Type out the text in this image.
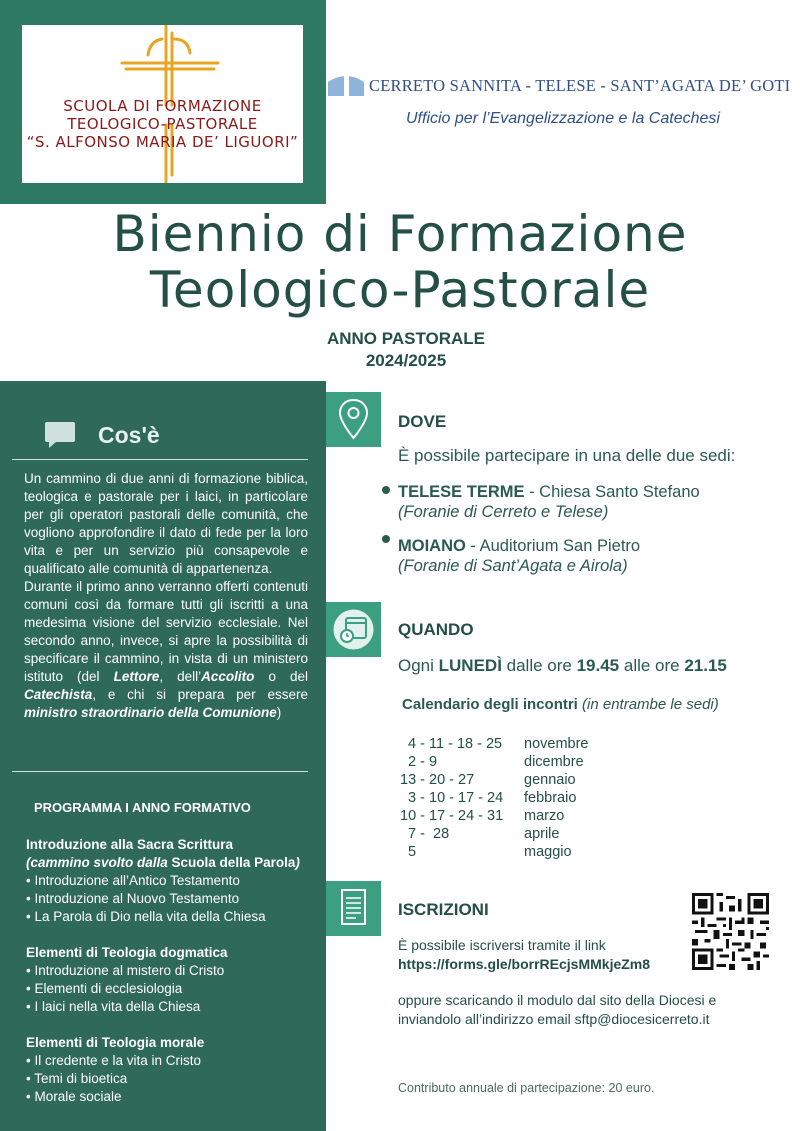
SCUOLA DI FORMAZIONE
TEOLOGICO-PASTORALE
“S. ALFONSO MARIA DE’ LIGUORI”
CERRETO SANNITA - TELESE - SANT’AGATA DE’ GOTI
Ufficio per l’Evangelizzazione e la Catechesi
Biennio di Formazione
Teologico-Pastorale
ANNO PASTORALE
2024/2025
Cos'è

Un cammino di due anni di formazione biblica, teologica e pastorale per i laici, in particolare per gli operatori pastorali delle comunità, che vogliono approfondire il dato di fede per la loro vita e per un servizio più consapevole e qualificato alle comunità di appartenenza.

Durante il primo anno verranno offerti contenuti comuni così da formare tutti gli iscritti a una medesima visione del servizio ecclesiale. Nel secondo anno, invece, si apre la possibilità di specificare il cammino, in vista di un ministero istituto (del Lettore, dell’Accolito o del Catechista, e chi si prepara per essere ministro straordinario della Comunione)

PROGRAMMA I ANNO FORMATIVO
Introduzione alla Sacra Scrittura
(cammino svolto dalla Scuola della Parola)
• Introduzione all’Antico Testamento
• Introduzione al Nuovo Testamento
• La Parola di Dio nella vita della Chiesa
Elementi di Teologia dogmatica
• Introduzione al mistero di Cristo
• Elementi di ecclesiologia
• I laici nella vita della Chiesa
Elementi di Teologia morale
• Il credente e la vita in Cristo
• Temi di bioetica
• Morale sociale
DOVE
È possibile partecipare in una delle due sedi:
TELESE TERME - Chiesa Santo Stefano
(Foranie di Cerreto e Telese)
MOIANO - Auditorium San Pietro
(Foranie di Sant’Agata e Airola)
QUANDO
Ogni LUNEDÌ dalle ore 19.45 alle ore 21.15
Calendario degli incontri (in entrambe le sedi)
4 - 11 - 18 - 25	novembre
2 - 9	dicembre
13 - 20 - 27	gennaio
3 - 10 - 17 - 24	febbraio
10 - 17 - 24 - 31	marzo
7 -  28	aprile
5	maggio
ISCRIZIONI
È possibile iscriversi tramite il link
https://forms.gle/borrREcjsMMkjeZm8
oppure scaricando il modulo dal sito della Diocesi e
inviandolo all’indirizzo email sftp@diocesicerreto.it
Contributo annuale di partecipazione: 20 euro.
